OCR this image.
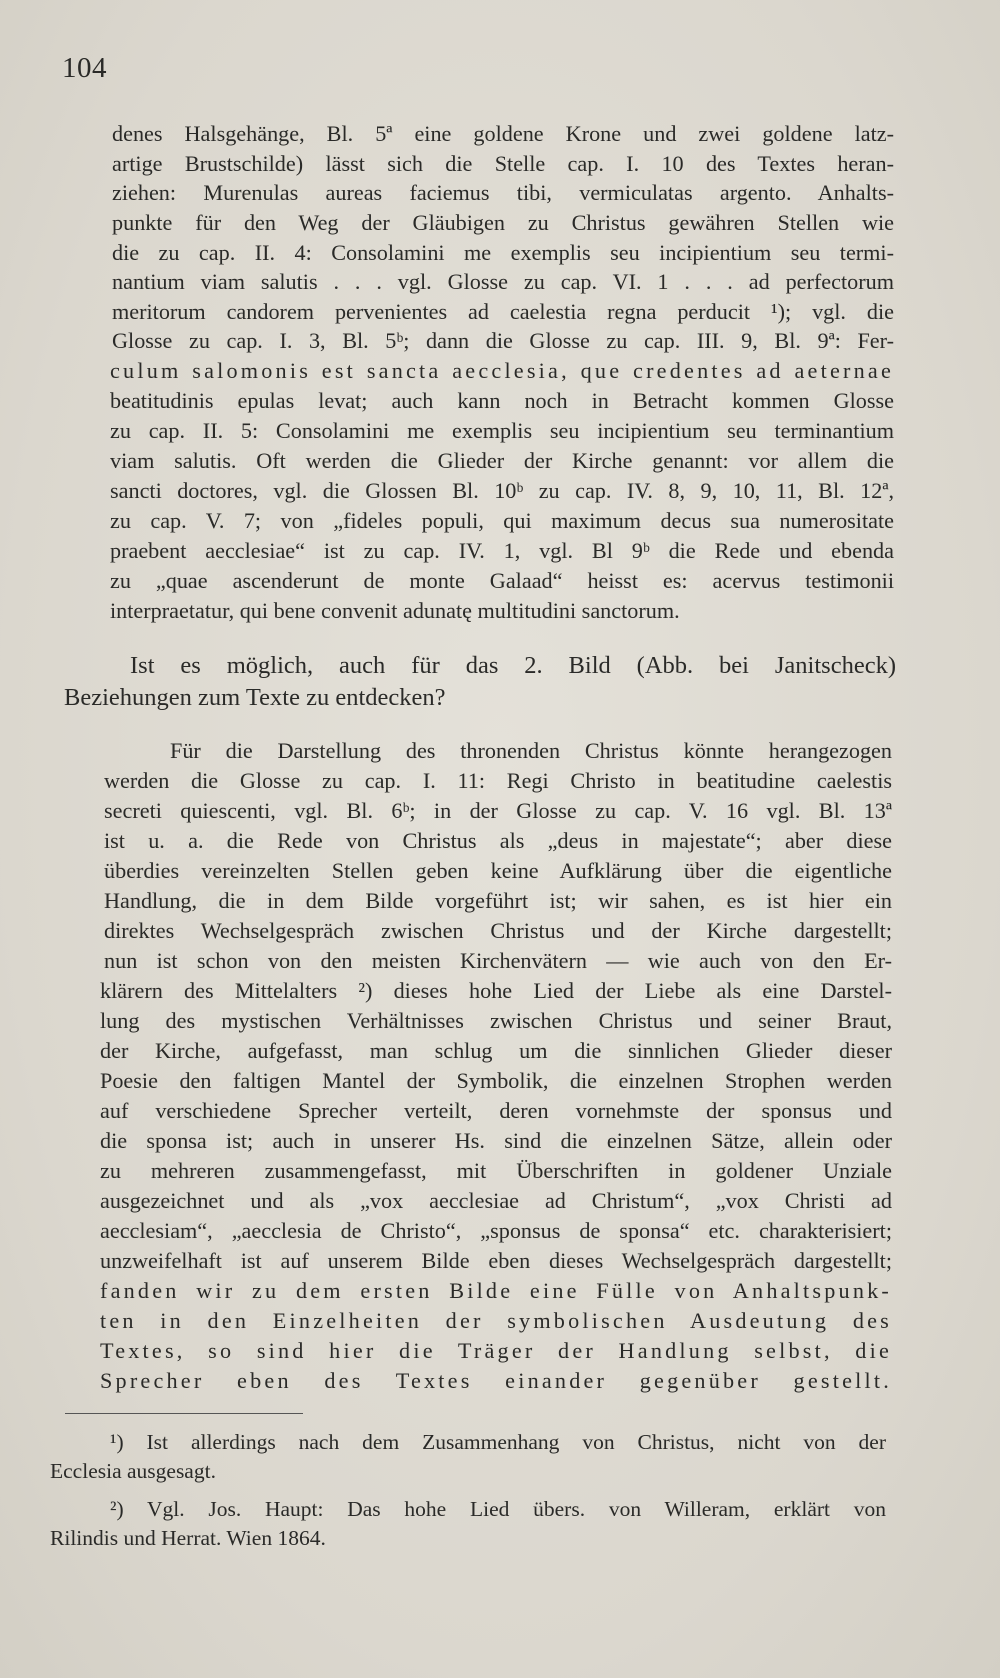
104
denes Halsgehänge, Bl. 5ª eine goldene Krone und zwei goldene latz-
artige Brustschilde) lässt sich die Stelle cap. I. 10 des Textes heran-
ziehen: Murenulas aureas faciemus tibi, vermiculatas argento. Anhalts-
punkte für den Weg der Gläubigen zu Christus gewähren Stellen wie
die zu cap. II. 4: Consolamini me exemplis seu incipientium seu termi-
nantium viam salutis . . . vgl. Glosse zu cap. VI. 1 . . . ad perfectorum
meritorum candorem pervenientes ad caelestia regna perducit ¹); vgl. die
Glosse zu cap. I. 3, Bl. 5ᵇ; dann die Glosse zu cap. III. 9, Bl. 9ª: Fer-
culum salomonis est sancta aecclesia, que credentes ad aeternae
beatitudinis epulas levat; auch kann noch in Betracht kommen Glosse
zu cap. II. 5: Consolamini me exemplis seu incipientium seu terminantium
viam salutis. Oft werden die Glieder der Kirche genannt: vor allem die
sancti doctores, vgl. die Glossen Bl. 10ᵇ zu cap. IV. 8, 9, 10, 11, Bl. 12ª,
zu cap. V. 7; von „fideles populi, qui maximum decus sua numerositate
praebent aecclesiae“ ist zu cap. IV. 1, vgl. Bl 9ᵇ die Rede und ebenda
zu „quae ascenderunt de monte Galaad“ heisst es: acervus testimonii
interpraetatur, qui bene convenit adunatę multitudini sanctorum.
Ist es möglich, auch für das 2. Bild (Abb. bei Janitscheck)
Beziehungen zum Texte zu entdecken?
Für die Darstellung des thronenden Christus könnte herangezogen
werden die Glosse zu cap. I. 11: Regi Christo in beatitudine caelestis
secreti quiescenti, vgl. Bl. 6ᵇ; in der Glosse zu cap. V. 16 vgl. Bl. 13ª
ist u. a. die Rede von Christus als „deus in majestate“; aber diese
überdies vereinzelten Stellen geben keine Aufklärung über die eigentliche
Handlung, die in dem Bilde vorgeführt ist; wir sahen, es ist hier ein
direktes Wechselgespräch zwischen Christus und der Kirche dargestellt;
nun ist schon von den meisten Kirchenvätern — wie auch von den Er-
klärern des Mittelalters ²) dieses hohe Lied der Liebe als eine Darstel-
lung des mystischen Verhältnisses zwischen Christus und seiner Braut,
der Kirche, aufgefasst, man schlug um die sinnlichen Glieder dieser
Poesie den faltigen Mantel der Symbolik, die einzelnen Strophen werden
auf verschiedene Sprecher verteilt, deren vornehmste der sponsus und
die sponsa ist; auch in unserer Hs. sind die einzelnen Sätze, allein oder
zu mehreren zusammengefasst, mit Überschriften in goldener Unziale
ausgezeichnet und als „vox aecclesiae ad Christum“, „vox Christi ad
aecclesiam“, „aecclesia de Christo“, „sponsus de sponsa“ etc. charakterisiert;
unzweifelhaft ist auf unserem Bilde eben dieses Wechselgespräch dargestellt;
fanden wir zu dem ersten Bilde eine Fülle von Anhaltspunk-
ten in den Einzelheiten der symbolischen Ausdeutung des
Textes, so sind hier die Träger der Handlung selbst, die
Sprecher eben des Textes einander gegenüber gestellt.
¹) Ist allerdings nach dem Zusammenhang von Christus, nicht von der
Ecclesia ausgesagt.
²) Vgl. Jos. Haupt: Das hohe Lied übers. von Willeram, erklärt von
Rilindis und Herrat. Wien 1864.
